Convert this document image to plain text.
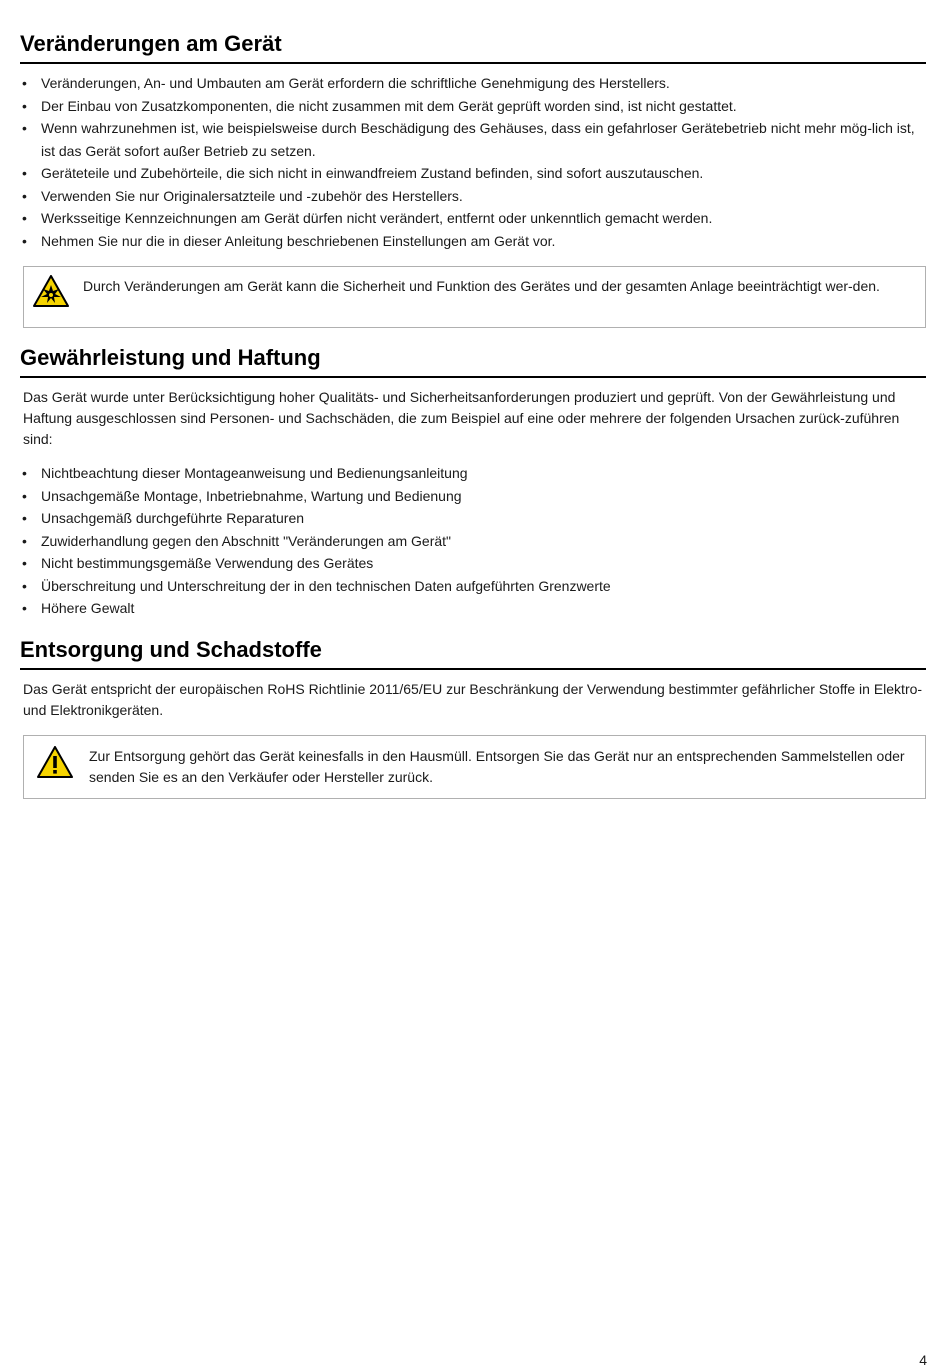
Veränderungen am Gerät
• Veränderungen, An- und Umbauten am Gerät erfordern die schriftliche Genehmigung des Herstellers.
• Der Einbau von Zusatzkomponenten, die nicht zusammen mit dem Gerät geprüft worden sind, ist nicht gestattet.
• Wenn wahrzunehmen ist, wie beispielsweise durch Beschädigung des Gehäuses, dass ein gefahrloser Gerätebetrieb nicht mehr mög-lich ist, ist das Gerät sofort außer Betrieb zu setzen.
• Geräteteile und Zubehörteile, die sich nicht in einwandfreiem Zustand befinden, sind sofort auszutauschen.
• Verwenden Sie nur Originalersatzteile und -zubehör des Herstellers.
• Werksseitige Kennzeichnungen am Gerät dürfen nicht verändert, entfernt oder unkenntlich gemacht werden.
• Nehmen Sie nur die in dieser Anleitung beschriebenen Einstellungen am Gerät vor.
Durch Veränderungen am Gerät kann die Sicherheit und Funktion des Gerätes und der gesamten Anlage beeinträchtigt wer-den.
Gewährleistung und Haftung

Das Gerät wurde unter Berücksichtigung hoher Qualitäts- und Sicherheitsanforderungen produziert und geprüft. Von der Gewährleistung und Haftung ausgeschlossen sind Personen- und Sachschäden, die zum Beispiel auf eine oder mehrere der folgenden Ursachen zurück-zuführen sind:

• Nichtbeachtung dieser Montageanweisung und Bedienungsanleitung
• Unsachgemäße Montage, Inbetriebnahme, Wartung und Bedienung
• Unsachgemäß durchgeführte Reparaturen
• Zuwiderhandlung gegen den Abschnitt "Veränderungen am Gerät"
• Nicht bestimmungsgemäße Verwendung des Gerätes
• Überschreitung und Unterschreitung der in den technischen Daten aufgeführten Grenzwerte
• Höhere Gewalt
Entsorgung und Schadstoffe

Das Gerät entspricht der europäischen RoHS Richtlinie 2011/65/EU zur Beschränkung der Verwendung bestimmter gefährlicher Stoffe in Elektro- und Elektronikgeräten.

Zur Entsorgung gehört das Gerät keinesfalls in den Hausmüll. Entsorgen Sie das Gerät nur an entsprechenden Sammelstellen oder senden Sie es an den Verkäufer oder Hersteller zurück.
4
